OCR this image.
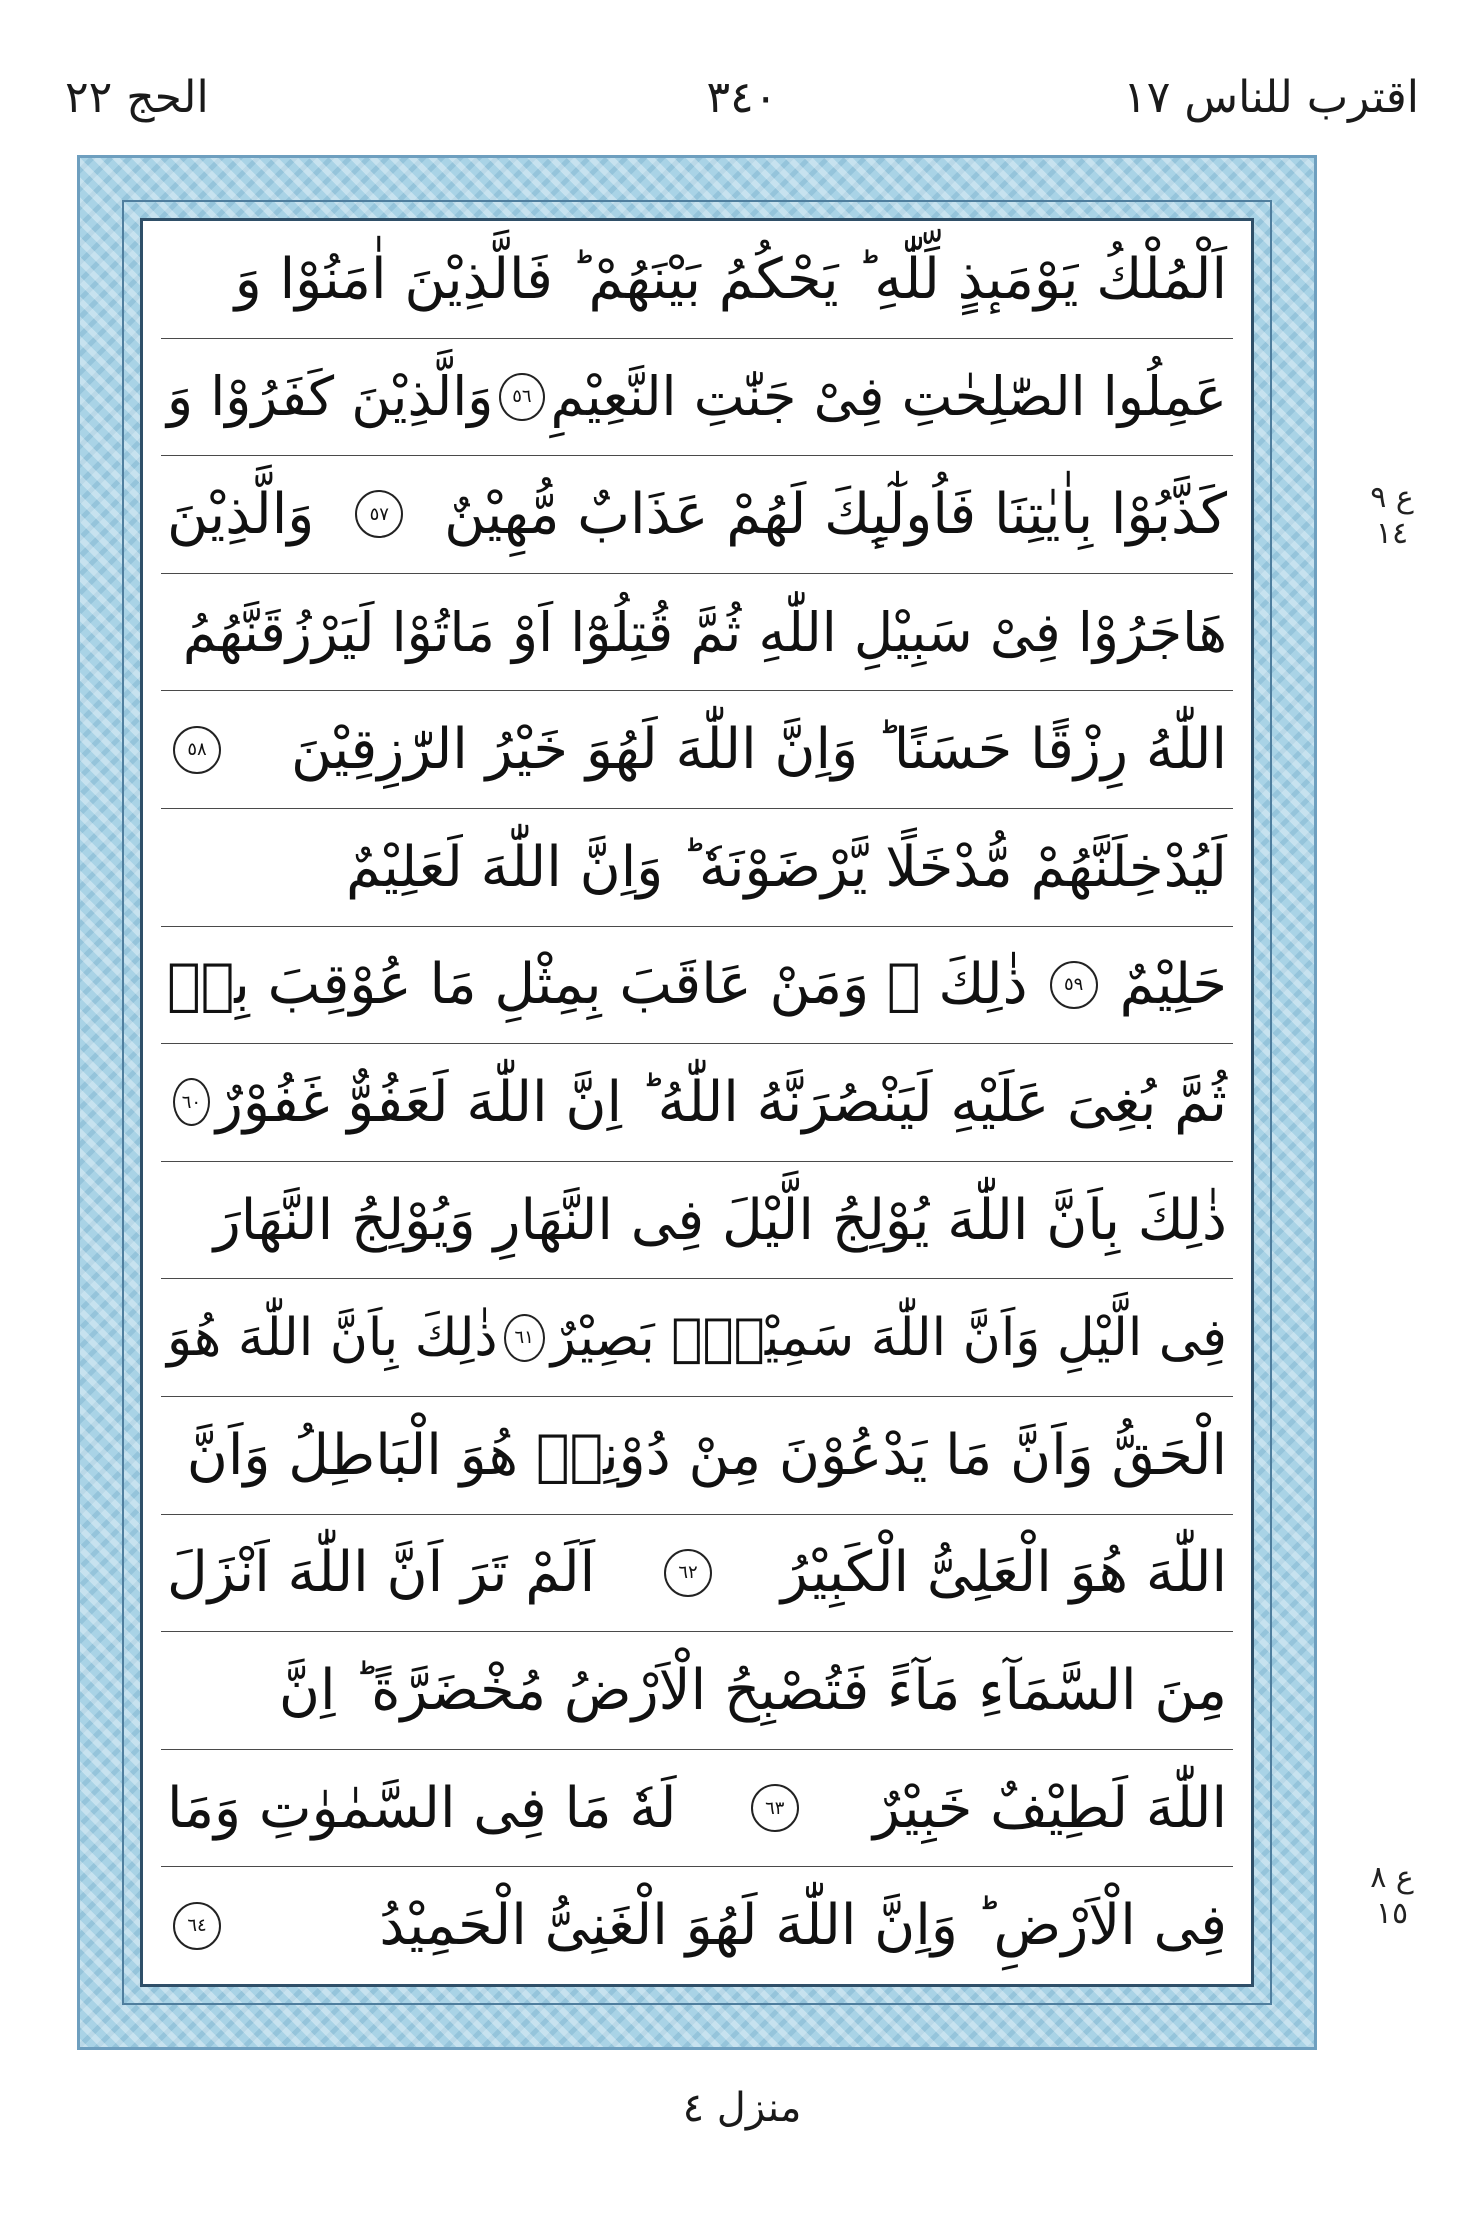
اقترب للناس ١٧
٣٤٠
الحج ٢٢
اَلْمُلْكُ يَوْمَىٕذٍ لِّلّٰهِ ؕ يَحْكُمُ بَيْنَهُمْ ؕ فَالَّذِيْنَ اٰمَنُوْا وَ
عَمِلُوا الصّٰلِحٰتِ فِىْ جَنّٰتِ النَّعِيْمِ
٥٦
وَالَّذِيْنَ كَفَرُوْا وَ
كَذَّبُوْا بِاٰيٰتِنَا فَاُولٰٓىِٕكَ لَهُمْ عَذَابٌ مُّهِيْنٌ
٥٧
وَالَّذِيْنَ
هَاجَرُوْا فِىْ سَبِيْلِ اللّٰهِ ثُمَّ قُتِلُوْٓا اَوْ مَاتُوْا لَيَرْزُقَنَّهُمُ
اللّٰهُ رِزْقًا حَسَنًا ؕ وَاِنَّ اللّٰهَ لَهُوَ خَيْرُ الرّٰزِقِيْنَ
٥٨
لَيُدْخِلَنَّهُمْ مُّدْخَلًا يَّرْضَوْنَهٗ ؕ وَاِنَّ اللّٰهَ لَعَلِيْمٌ
حَلِيْمٌ
٥٩
ذٰلِكَ ۚ وَمَنْ عَاقَبَ بِمِثْلِ مَا عُوْقِبَ بِهٖ
ثُمَّ بُغِىَ عَلَيْهِ لَيَنْصُرَنَّهُ اللّٰهُ ؕ اِنَّ اللّٰهَ لَعَفُوٌّ غَفُوْرٌ
٦٠
ذٰلِكَ بِاَنَّ اللّٰهَ يُوْلِجُ الَّيْلَ فِى النَّهَارِ وَيُوْلِجُ النَّهَارَ
فِى الَّيْلِ وَاَنَّ اللّٰهَ سَمِيْعٌۢ بَصِيْرٌ
٦١
ذٰلِكَ بِاَنَّ اللّٰهَ هُوَ
الْحَقُّ وَاَنَّ مَا يَدْعُوْنَ مِنْ دُوْنِهٖ هُوَ الْبَاطِلُ وَاَنَّ
اللّٰهَ هُوَ الْعَلِىُّ الْكَبِيْرُ
٦٢
اَلَمْ تَرَ اَنَّ اللّٰهَ اَنْزَلَ
مِنَ السَّمَآءِ مَآءً فَتُصْبِحُ الْاَرْضُ مُخْضَرَّةً ؕ اِنَّ
اللّٰهَ لَطِيْفٌ خَبِيْرٌ
٦٣
لَهٗ مَا فِى السَّمٰوٰتِ وَمَا
فِى الْاَرْضِ ؕ وَاِنَّ اللّٰهَ لَهُوَ الْغَنِىُّ الْحَمِيْدُ
٦٤
ع ٩ ١٤
ع ٨ ١٥
منزل ٤
